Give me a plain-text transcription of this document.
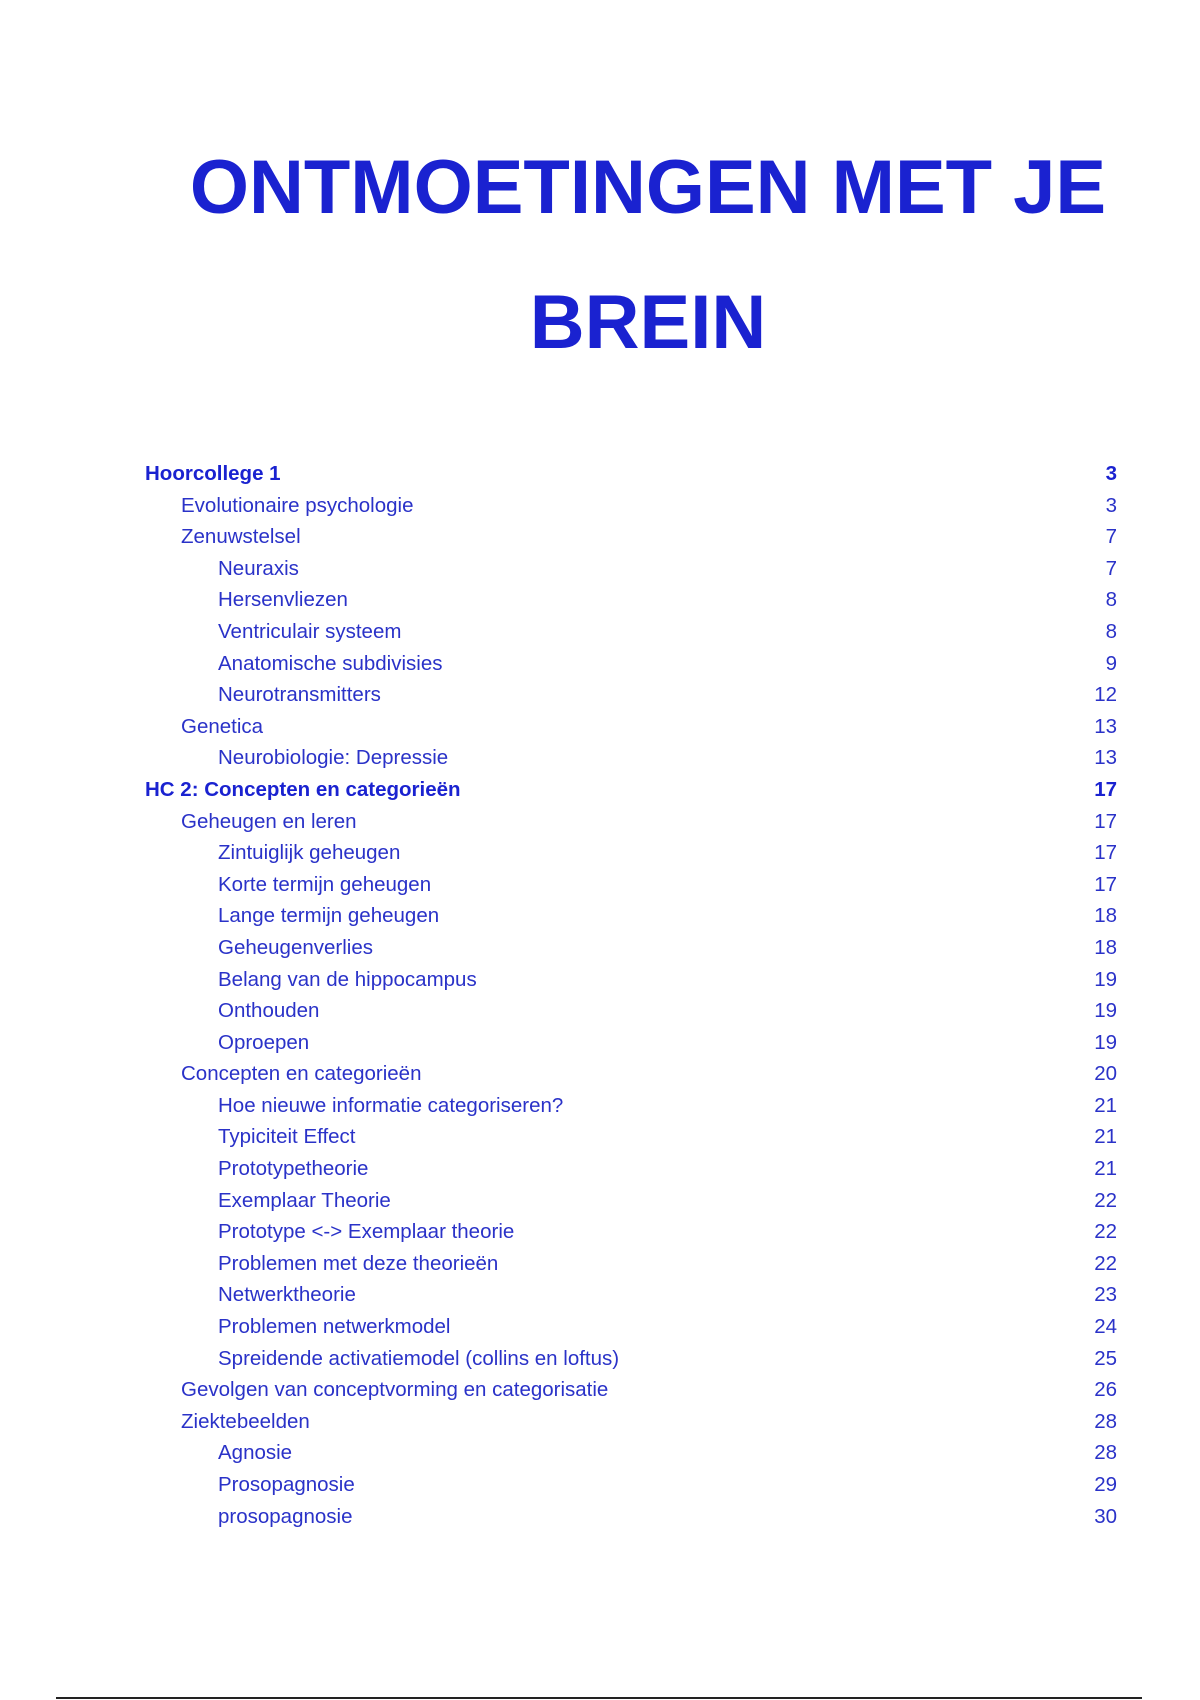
ONTMOETINGEN MET JE
BREIN
Hoorcollege 1	3
Evolutionaire psychologie	3
Zenuwstelsel	7
Neuraxis	7
Hersenvliezen	8
Ventriculair systeem	8
Anatomische subdivisies	9
Neurotransmitters	12
Genetica	13
Neurobiologie: Depressie	13
HC 2: Concepten en categorieën	17
Geheugen en leren	17
Zintuiglijk geheugen	17
Korte termijn geheugen	17
Lange termijn geheugen	18
Geheugenverlies	18
Belang van de hippocampus	19
Onthouden	19
Oproepen	19
Concepten en categorieën	20
Hoe nieuwe informatie categoriseren?	21
Typiciteit Effect	21
Prototypetheorie	21
Exemplaar Theorie	22
Prototype <-> Exemplaar theorie	22
Problemen met deze theorieën	22
Netwerktheorie	23
Problemen netwerkmodel	24
Spreidende activatiemodel (collins en loftus)	25
Gevolgen van conceptvorming en categorisatie	26
Ziektebeelden	28
Agnosie	28
Prosopagnosie	29
prosopagnosie	30
